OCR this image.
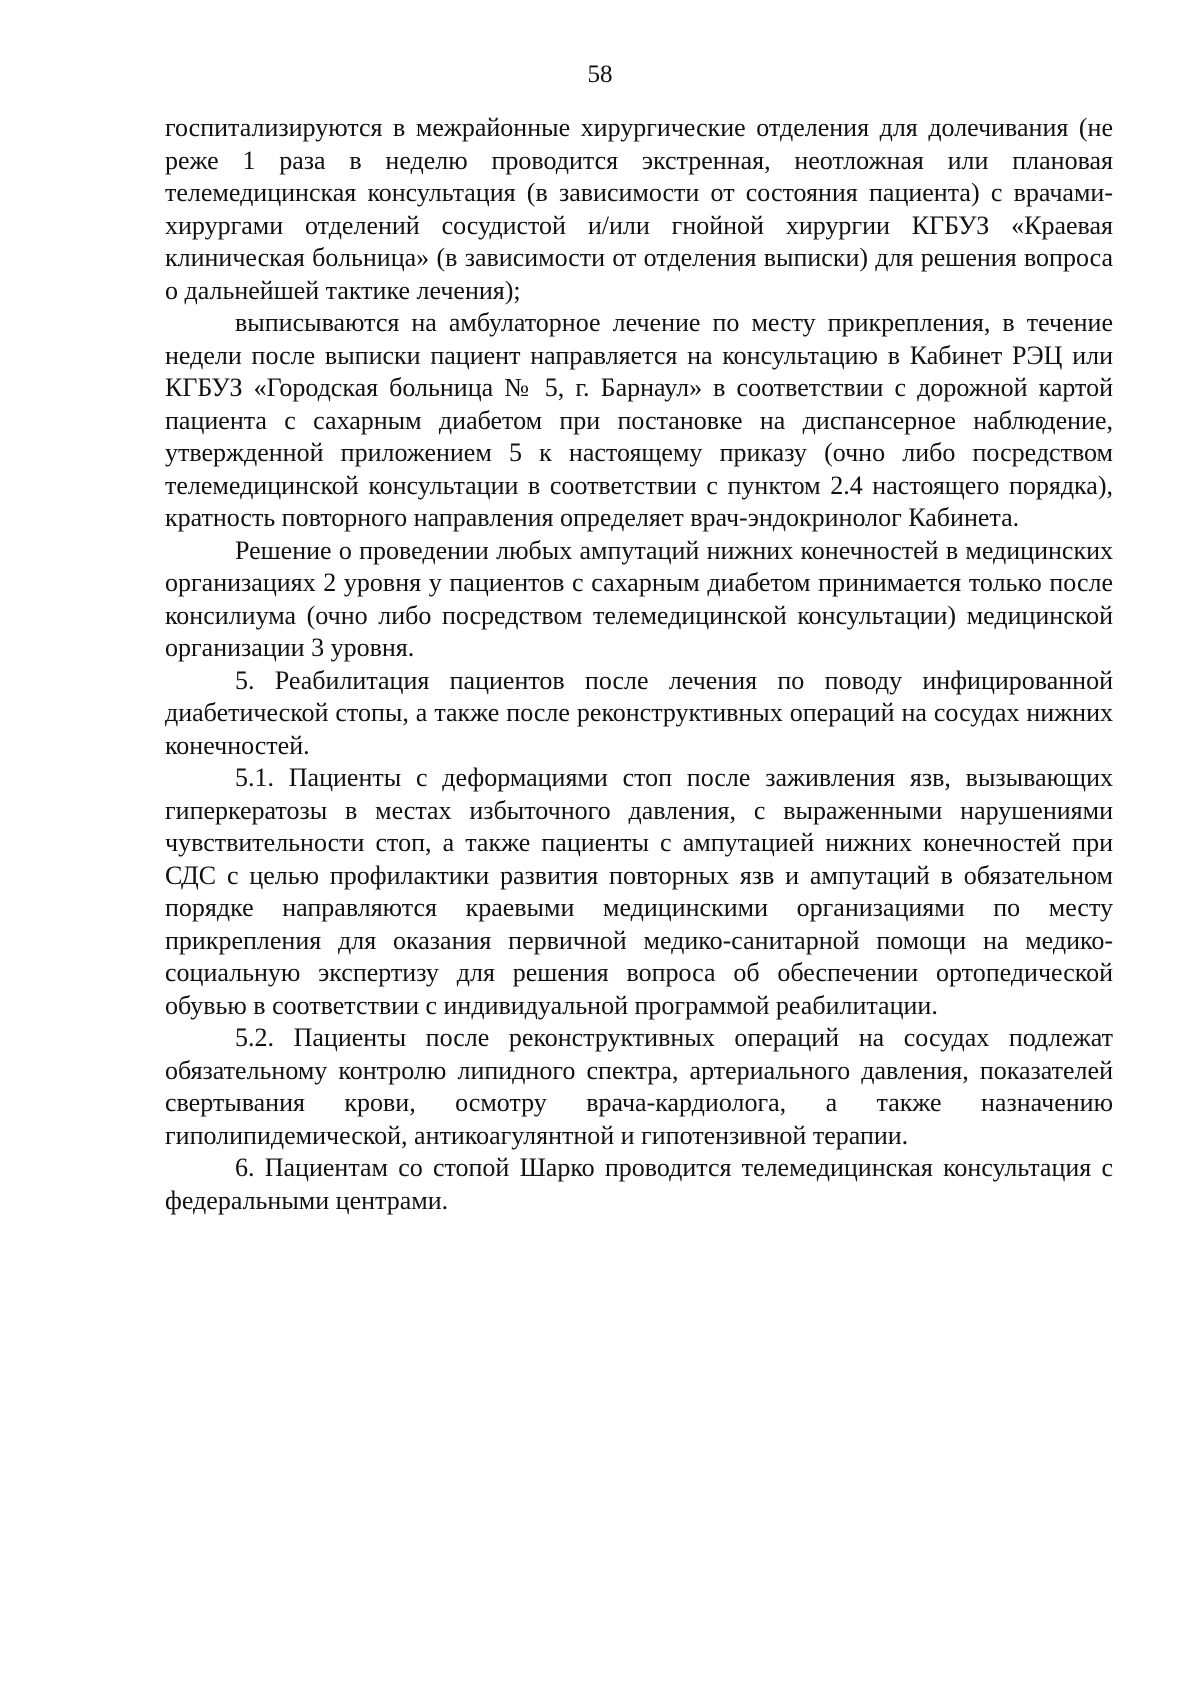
58

госпитализируются в межрайонные хирургические отделения для долечивания (не реже 1 раза в неделю проводится экстренная, неотложная или плановая телемедицинская консультация (в зависимости от состояния пациента) с врачами-хирургами отделений сосудистой и/или гнойной хирургии КГБУЗ «Краевая клиническая больница» (в зависимости от отделения выписки) для решения вопроса о дальнейшей тактике лечения);

выписываются на амбулаторное лечение по месту прикрепления, в течение недели после выписки пациент направляется на консультацию в Кабинет РЭЦ или КГБУЗ «Городская больница № 5, г. Барнаул» в соответствии с дорожной картой пациента с сахарным диабетом при постановке на диспансерное наблюдение, утвержденной приложением 5 к настоящему приказу (очно либо посредством телемедицинской консультации в соответствии с пунктом 2.4 настоящего порядка), кратность повторного направления определяет врач-эндокринолог Кабинета.

Решение о проведении любых ампутаций нижних конечностей в медицинских организациях 2 уровня у пациентов с сахарным диабетом принимается только после консилиума (очно либо посредством телемедицинской консультации) медицинской организации 3 уровня.

5. Реабилитация пациентов после лечения по поводу инфицированной диабетической стопы, а также после реконструктивных операций на сосудах нижних конечностей.

5.1. Пациенты с деформациями стоп после заживления язв, вызывающих гиперкератозы в местах избыточного давления, с выраженными нарушениями чувствительности стоп, а также пациенты с ампутацией нижних конечностей при СДС с целью профилактики развития повторных язв и ампутаций в обязательном порядке направляются краевыми медицинскими организациями по месту прикрепления для оказания первичной медико-санитарной помощи на медико-социальную экспертизу для решения вопроса об обеспечении ортопедической обувью в соответствии с индивидуальной программой реабилитации.

5.2. Пациенты после реконструктивных операций на сосудах подлежат обязательному контролю липидного спектра, артериального давления, показателей свертывания крови, осмотру врача-кардиолога, а также назначению гиполипидемической, антикоагулянтной и гипотензивной терапии.

6. Пациентам со стопой Шарко проводится телемедицинская консультация с федеральными центрами.
